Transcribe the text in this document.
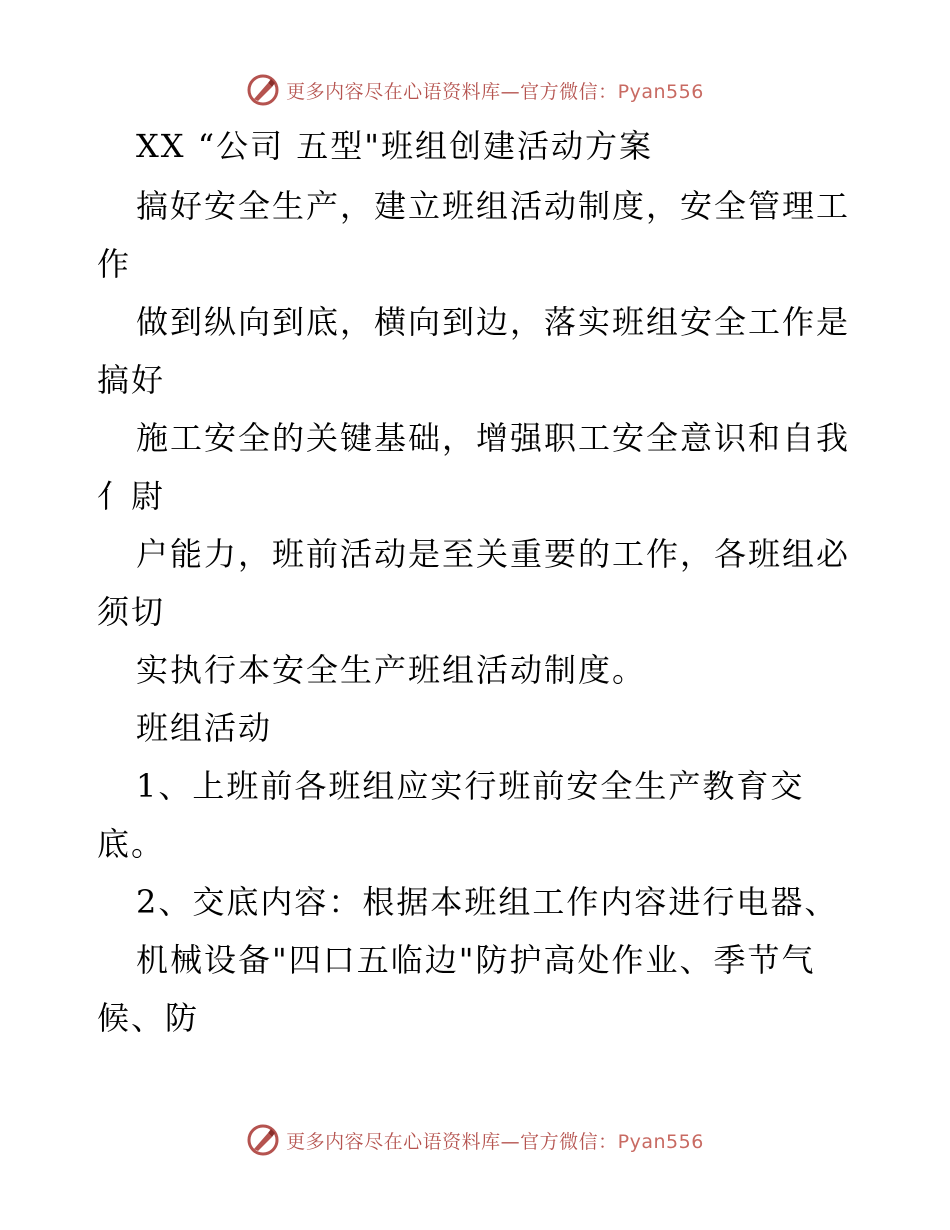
更多内容尽在心语资料库—官方微信：Pyan556
XX “公司 五型"班组创建活动方案
搞好安全生产，建立班组活动制度，安全管理工
作
做到纵向到底，横向到边，落实班组安全工作是
搞好
施工安全的关键基础，增强职工安全意识和自我
亻尉
户能力，班前活动是至关重要的工作，各班组必
须切
实执行本安全生产班组活动制度。
班组活动
1、上班前各班组应实行班前安全生产教育交
底。
2、交底内容：根据本班组工作内容进行电器、
机械设备"四口五临边"防护高处作业、季节气
候、防
更多内容尽在心语资料库—官方微信：Pyan556
